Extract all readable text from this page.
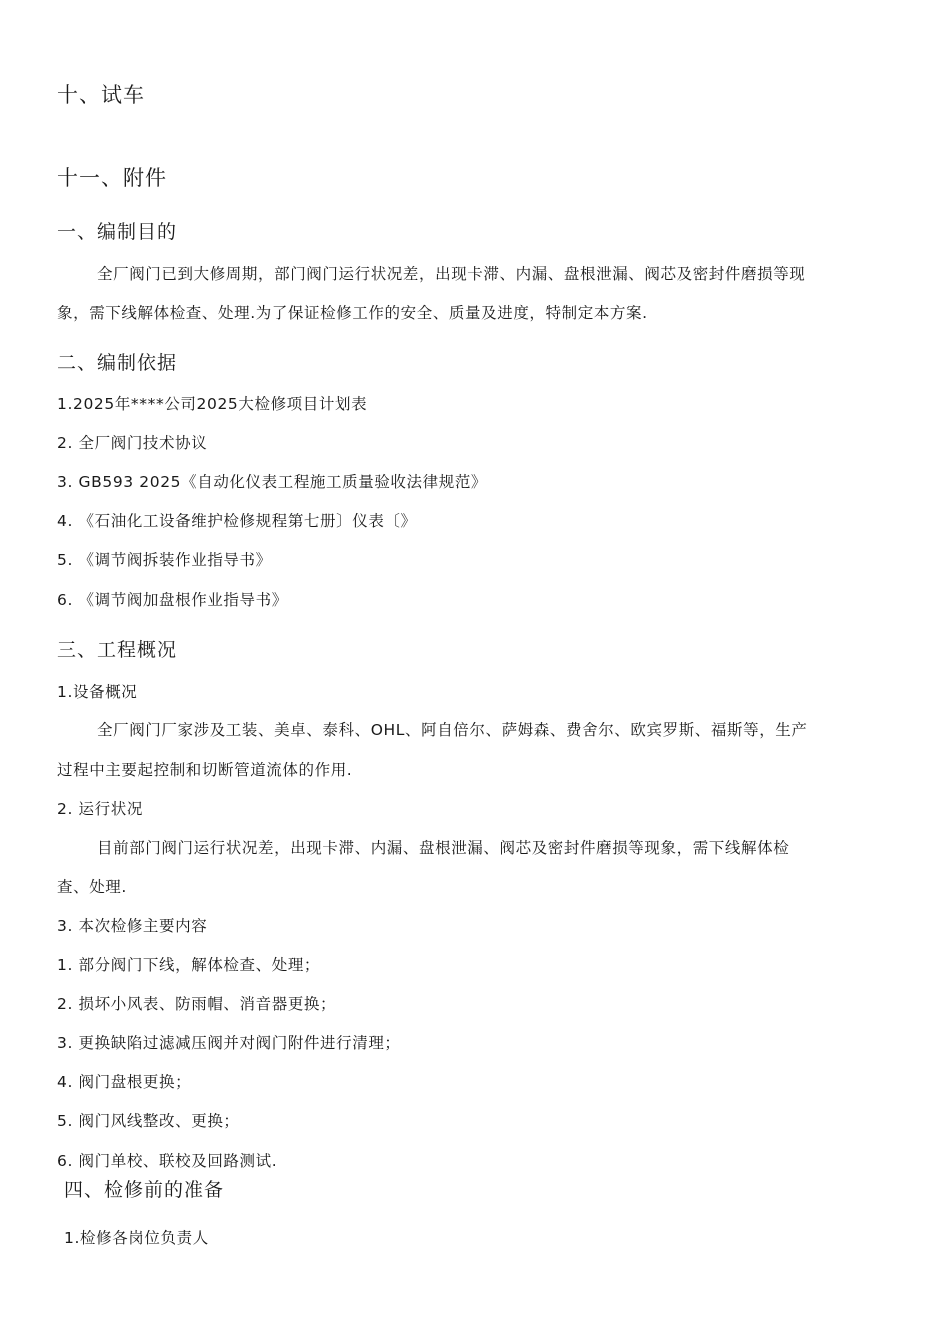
十、试车
十一、附件
一、编制目的
全厂阀门已到大修周期，部门阀门运行状况差，出现卡滞、内漏、盘根泄漏、阀芯及密封件磨损等现
象，需下线解体检查、处理.为了保证检修工作的安全、质量及进度，特制定本方案.
二、编制依据
1.2025年****公司2025大检修项目计划表
2. 全厂阀门技术协议
3. GB593 2025《自动化仪表工程施工质量验收法律规范》
4. 《石油化工设备维护检修规程第七册〕仪表〔》
5. 《调节阀拆装作业指导书》
6. 《调节阀加盘根作业指导书》
三、工程概况
1.设备概况
全厂阀门厂家涉及工装、美卓、泰科、OHL、阿自倍尔、萨姆森、费舍尔、欧宾罗斯、福斯等，生产
过程中主要起控制和切断管道流体的作用.
2. 运行状况
目前部门阀门运行状况差，出现卡滞、内漏、盘根泄漏、阀芯及密封件磨损等现象，需下线解体检
查、处理.
3. 本次检修主要内容
1. 部分阀门下线，解体检查、处理；
2. 损坏小风表、防雨帽、消音器更换；
3. 更换缺陷过滤减压阀并对阀门附件进行清理；
4. 阀门盘根更换；
5. 阀门风线整改、更换；
6. 阀门单校、联校及回路测试.
四、检修前的准备
1.检修各岗位负责人
